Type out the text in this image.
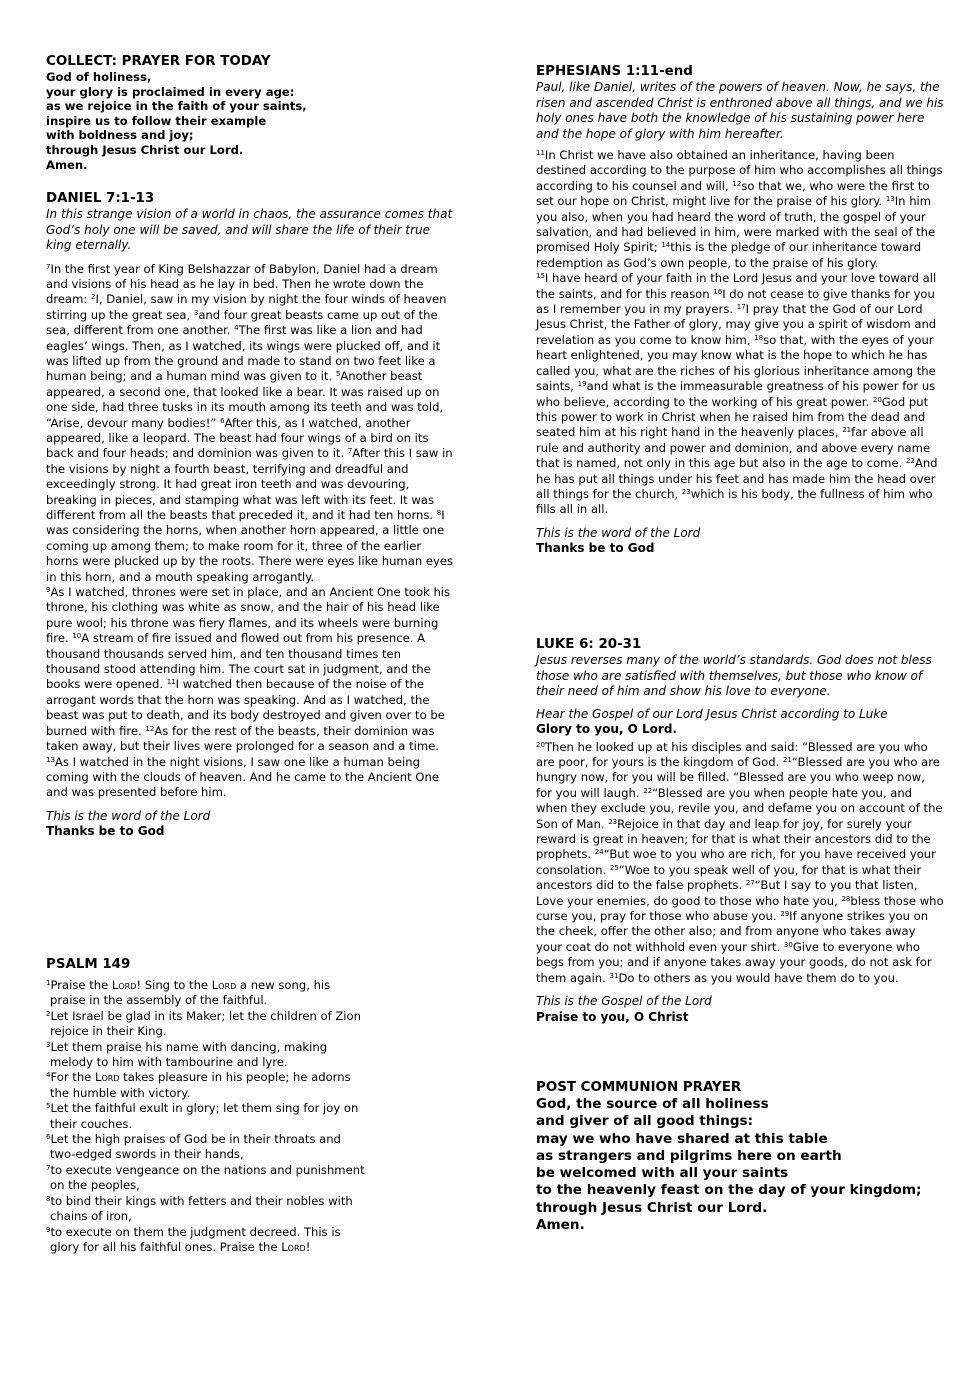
COLLECT: PRAYER FOR TODAY

God of holiness,

your glory is proclaimed in every age:

as we rejoice in the faith of your saints,

inspire us to follow their example

with boldness and joy;

through Jesus Christ our Lord.

Amen.

DANIEL 7:1-13

In this strange vision of a world in chaos, the assurance comes that God’s holy one will be saved, and will share the life of their true king eternally.

$^7$In the first year of King Belshazzar of Babylon, Daniel had a dream and visions of his head as he lay in bed. Then he wrote down the dream: $^2$I, Daniel, saw in my vision by night the four winds of heaven stirring up the great sea, $^3$and four great beasts came up out of the sea, different from one another. $^4$The first was like a lion and had eagles’ wings. Then, as I watched, its wings were plucked off, and it was lifted up from the ground and made to stand on two feet like a human being; and a human mind was given to it. $^5$Another beast appeared, a second one, that looked like a bear. It was raised up on one side, had three tusks in its mouth among its teeth and was told, “Arise, devour many bodies!” $^6$After this, as I watched, another appeared, like a leopard. The beast had four wings of a bird on its back and four heads; and dominion was given to it. $^7$After this I saw in the visions by night a fourth beast, terrifying and dreadful and exceedingly strong. It had great iron teeth and was devouring, breaking in pieces, and stamping what was left with its feet. It was different from all the beasts that preceded it, and it had ten horns. $^8$I was considering the horns, when another horn appeared, a little one coming up among them; to make room for it, three of the earlier horns were plucked up by the roots. There were eyes like human eyes in this horn, and a mouth speaking arrogantly.

$^9$As I watched, thrones were set in place, and an Ancient One took his throne, his clothing was white as snow, and the hair of his head like pure wool; his throne was fiery flames, and its wheels were burning fire. $^{10}$A stream of fire issued and flowed out from his presence. A thousand thousands served him, and ten thousand times ten thousand stood attending him. The court sat in judgment, and the books were opened. $^{11}$I watched then because of the noise of the arrogant words that the horn was speaking. And as I watched, the beast was put to death, and its body destroyed and given over to be burned with fire. $^{12}$As for the rest of the beasts, their dominion was taken away, but their lives were prolonged for a season and a time. $^{13}$As I watched in the night visions, I saw one like a human being coming with the clouds of heaven. And he came to the Ancient One and was presented before him.

This is the word of the Lord

Thanks be to God

PSALM 149

$^1$Praise the Lord! Sing to the Lord a new song, his

praise in the assembly of the faithful.

$^2$Let Israel be glad in its Maker; let the children of Zion

rejoice in their King.

$^3$Let them praise his name with dancing, making

melody to him with tambourine and lyre.

$^4$For the Lord takes pleasure in his people; he adorns

the humble with victory.

$^5$Let the faithful exult in glory; let them sing for joy on

their couches.

$^6$Let the high praises of God be in their throats and

two-edged swords in their hands,

$^7$to execute vengeance on the nations and punishment

on the peoples,

$^8$to bind their kings with fetters and their nobles with

chains of iron,

$^9$to execute on them the judgment decreed. This is

glory for all his faithful ones. Praise the Lord!

EPHESIANS 1:11-end

Paul, like Daniel, writes of the powers of heaven. Now, he says, the risen and ascended Christ is enthroned above all things, and we his holy ones have both the knowledge of his sustaining power here and the hope of glory with him hereafter.

$^{11}$In Christ we have also obtained an inheritance, having been destined according to the purpose of him who accomplishes all things according to his counsel and will, $^{12}$so that we, who were the first to set our hope on Christ, might live for the praise of his glory. $^{13}$In him you also, when you had heard the word of truth, the gospel of your salvation, and had believed in him, were marked with the seal of the promised Holy Spirit; $^{14}$this is the pledge of our inheritance toward redemption as God’s own people, to the praise of his glory.

$^{15}$I have heard of your faith in the Lord Jesus and your love toward all the saints, and for this reason $^{16}$I do not cease to give thanks for you as I remember you in my prayers. $^{17}$I pray that the God of our Lord Jesus Christ, the Father of glory, may give you a spirit of wisdom and revelation as you come to know him, $^{18}$so that, with the eyes of your heart enlightened, you may know what is the hope to which he has called you, what are the riches of his glorious inheritance among the saints, $^{19}$and what is the immeasurable greatness of his power for us who believe, according to the working of his great power. $^{20}$God put this power to work in Christ when he raised him from the dead and seated him at his right hand in the heavenly places, $^{21}$far above all rule and authority and power and dominion, and above every name that is named, not only in this age but also in the age to come. $^{22}$And he has put all things under his feet and has made him the head over all things for the church, $^{23}$which is his body, the fullness of him who fills all in all.

This is the word of the Lord

Thanks be to God

LUKE 6: 20-31

Jesus reverses many of the world’s standards. God does not bless those who are satisfied with themselves, but those who know of their need of him and show his love to everyone.

Hear the Gospel of our Lord Jesus Christ according to Luke

Glory to you, O Lord.

$^{20}$Then he looked up at his disciples and said: “Blessed are you who are poor, for yours is the kingdom of God. $^{21}$“Blessed are you who are hungry now, for you will be filled. “Blessed are you who weep now, for you will laugh. $^{22}$“Blessed are you when people hate you, and when they exclude you, revile you, and defame you on account of the Son of Man. $^{23}$Rejoice in that day and leap for joy, for surely your reward is great in heaven; for that is what their ancestors did to the prophets. $^{24}$“But woe to you who are rich, for you have received your consolation. $^{25}$“Woe to you speak well of you, for that is what their ancestors did to the false prophets. $^{27}$“But I say to you that listen, Love your enemies, do good to those who hate you, $^{28}$bless those who curse you, pray for those who abuse you. $^{29}$If anyone strikes you on the cheek, offer the other also; and from anyone who takes away your coat do not withhold even your shirt. $^{30}$Give to everyone who begs from you; and if anyone takes away your goods, do not ask for them again. $^{31}$Do to others as you would have them do to you.

This is the Gospel of the Lord

Praise to you, O Christ

POST COMMUNION PRAYER

God, the source of all holiness

and giver of all good things:

may we who have shared at this table

as strangers and pilgrims here on earth

be welcomed with all your saints

to the heavenly feast on the day of your kingdom;

through Jesus Christ our Lord.

Amen.
